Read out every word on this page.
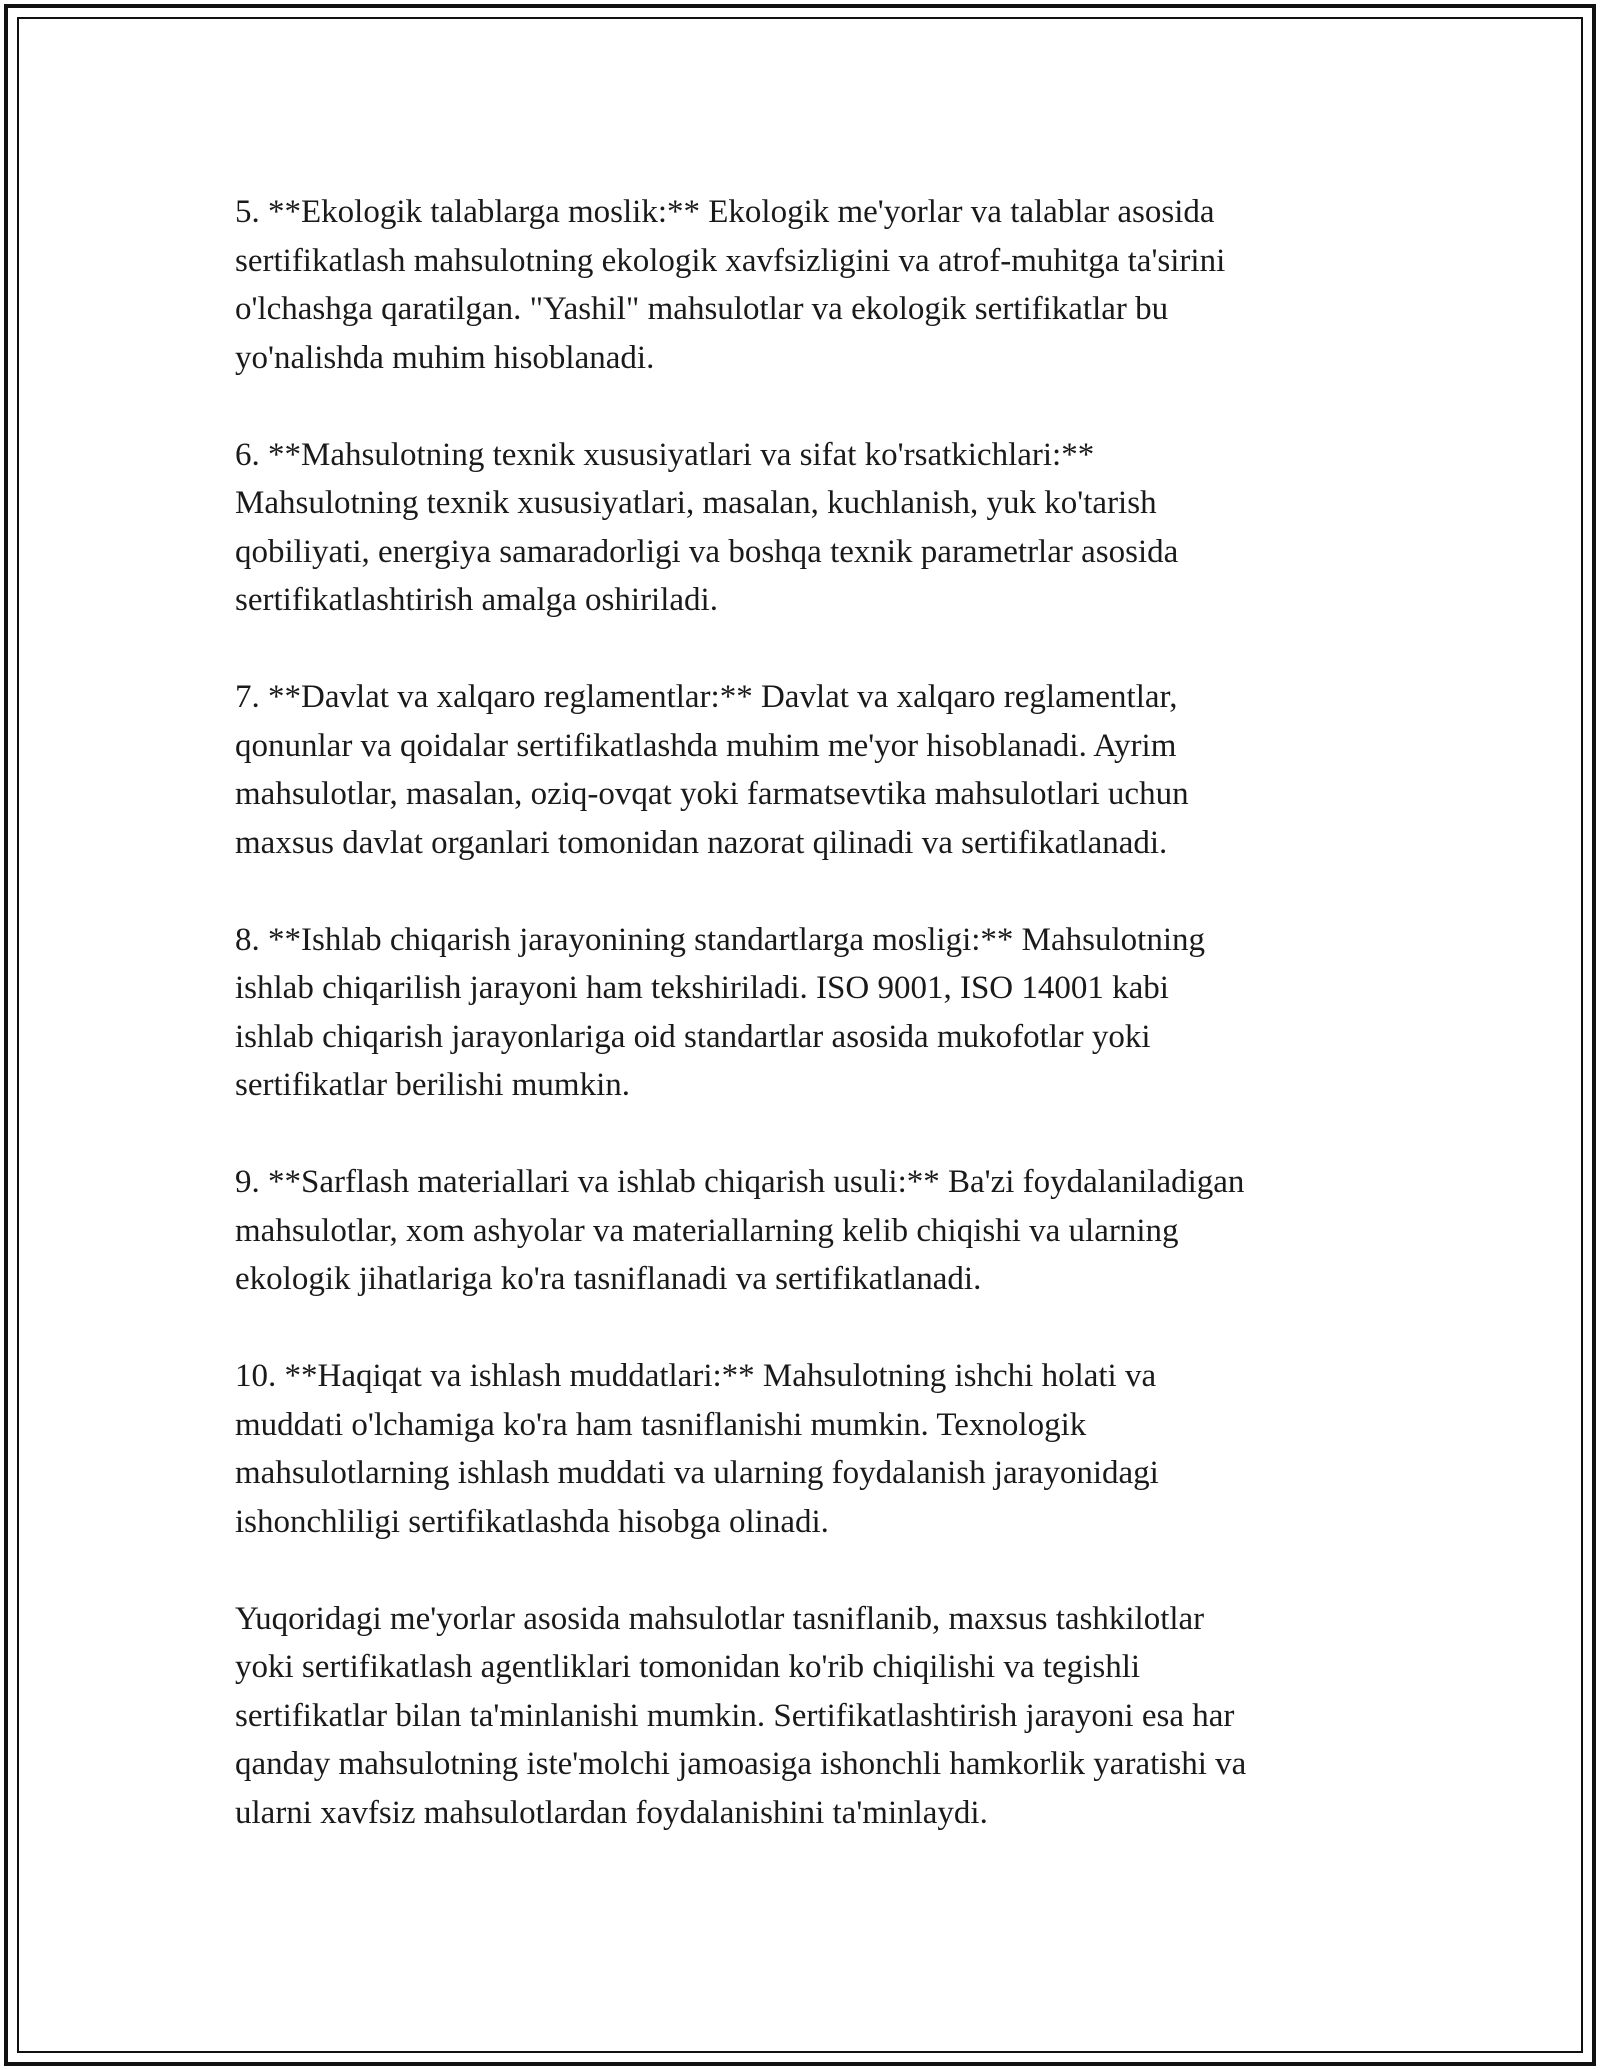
5. **Ekologik talablarga moslik:** Ekologik me'yorlar va talablar asosida
sertifikatlash mahsulotning ekologik xavfsizligini va atrof-muhitga ta'sirini
o'lchashga qaratilgan. "Yashil" mahsulotlar va ekologik sertifikatlar bu
yo'nalishda muhim hisoblanadi.

6. **Mahsulotning texnik xususiyatlari va sifat ko'rsatkichlari:**
Mahsulotning texnik xususiyatlari, masalan, kuchlanish, yuk ko'tarish
qobiliyati, energiya samaradorligi va boshqa texnik parametrlar asosida
sertifikatlashtirish amalga oshiriladi.

7. **Davlat va xalqaro reglamentlar:** Davlat va xalqaro reglamentlar,
qonunlar va qoidalar sertifikatlashda muhim me'yor hisoblanadi. Ayrim
mahsulotlar, masalan, oziq-ovqat yoki farmatsevtika mahsulotlari uchun
maxsus davlat organlari tomonidan nazorat qilinadi va sertifikatlanadi.

8. **Ishlab chiqarish jarayonining standartlarga mosligi:** Mahsulotning
ishlab chiqarilish jarayoni ham tekshiriladi. ISO 9001, ISO 14001 kabi
ishlab chiqarish jarayonlariga oid standartlar asosida mukofotlar yoki
sertifikatlar berilishi mumkin.

9. **Sarflash materiallari va ishlab chiqarish usuli:** Ba'zi foydalaniladigan
mahsulotlar, xom ashyolar va materiallarning kelib chiqishi va ularning
ekologik jihatlariga ko'ra tasniflanadi va sertifikatlanadi.

10. **Haqiqat va ishlash muddatlari:** Mahsulotning ishchi holati va
muddati o'lchamiga ko'ra ham tasniflanishi mumkin. Texnologik
mahsulotlarning ishlash muddati va ularning foydalanish jarayonidagi
ishonchliligi sertifikatlashda hisobga olinadi.

Yuqoridagi me'yorlar asosida mahsulotlar tasniflanib, maxsus tashkilotlar
yoki sertifikatlash agentliklari tomonidan ko'rib chiqilishi va tegishli
sertifikatlar bilan ta'minlanishi mumkin. Sertifikatlashtirish jarayoni esa har
qanday mahsulotning iste'molchi jamoasiga ishonchli hamkorlik yaratishi va
ularni xavfsiz mahsulotlardan foydalanishini ta'minlaydi.
